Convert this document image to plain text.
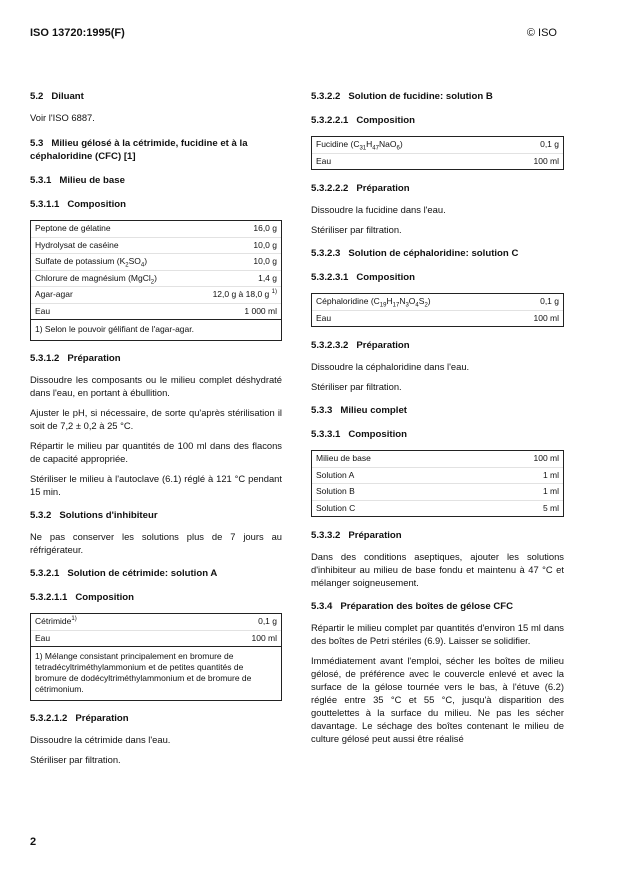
ISO 13720:1995(F)	© ISO
5.2 Diluant

Voir l'ISO 6887.

5.3 Milieu gélosé à la cétrimide, fucidine et à la céphaloridine (CFC) [1]
5.3.1 Milieu de base
5.3.1.1 Composition
Peptone de gélatine	16,0 g
Hydrolysat de caséine	10,0 g
Sulfate de potassium $(K_2SO_4)$	10,0 g
Chlorure de magnésium (MgCl$_2$)	1,4 g
Agar-agar	12,0 g à 18,0 g $^{1)}$
Eau	1 000 ml
1) Selon le pouvoir gélifiant de l'agar-agar.
5.3.1.2 Préparation

Dissoudre les composants ou le milieu complet déshydraté dans l'eau, en portant à ébullition.

Ajuster le pH, si nécessaire, de sorte qu'après stérilisation il soit de 7,2 ± 0,2 à 25 °C.

Répartir le milieu par quantités de 100 ml dans des flacons de capacité appropriée.

Stériliser le milieu à l'autoclave (6.1) réglé à 121 °C pendant 15 min.

5.3.2 Solutions d'inhibiteur

Ne pas conserver les solutions plus de 7 jours au réfrigérateur.

5.3.2.1 Solution de cétrimide: solution A
5.3.2.1.1 Composition
Cétrimide$^{1)}$	0,1 g
Eau	100 ml
1) Mélange consistant principalement en bromure de tetradécyltriméthylammonium et de petites quantités de bromure de dodécyltriméthylammonium et de bromure de cétrimonium.
5.3.2.1.2 Préparation

Dissoudre la cétrimide dans l'eau.

Stériliser par filtration.

5.3.2.2 Solution de fucidine: solution B
5.3.2.2.1 Composition
Fucidine $(C_{31}H_{47}NaO_6)$	0,1 g
Eau	100 ml
5.3.2.2.2 Préparation

Dissoudre la fucidine dans l'eau.

Stériliser par filtration.

5.3.2.3 Solution de céphaloridine: solution C
5.3.2.3.1 Composition
Céphaloridine $(C_{19}H_{17}N_3O_4S_2)$	0,1 g
Eau	100 ml
5.3.2.3.2 Préparation

Dissoudre la céphaloridine dans l'eau.

Stériliser par filtration.

5.3.3 Milieu complet
5.3.3.1 Composition
Milieu de base	100 ml
Solution A	1 ml
Solution B	1 ml
Solution C	5 ml
5.3.3.2 Préparation

Dans des conditions aseptiques, ajouter les solutions d'inhibiteur au milieu de base fondu et maintenu à 47 °C et mélanger soigneusement.

5.3.4 Préparation des boîtes de gélose CFC

Répartir le milieu complet par quantités d'environ 15 ml dans des boîtes de Petri stériles (6.9). Laisser se solidifier.

Immédiatement avant l'emploi, sécher les boîtes de milieu gélosé, de préférence avec le couvercle enlevé et avec la surface de la gélose tournée vers le bas, à l'étuve (6.2) réglée entre 35 °C et 55 °C, jusqu'à disparition des gouttelettes à la surface du milieu. Ne pas les sécher davantage. Le séchage des boîtes contenant le milieu de culture gélosé peut aussi être réalisé

2
